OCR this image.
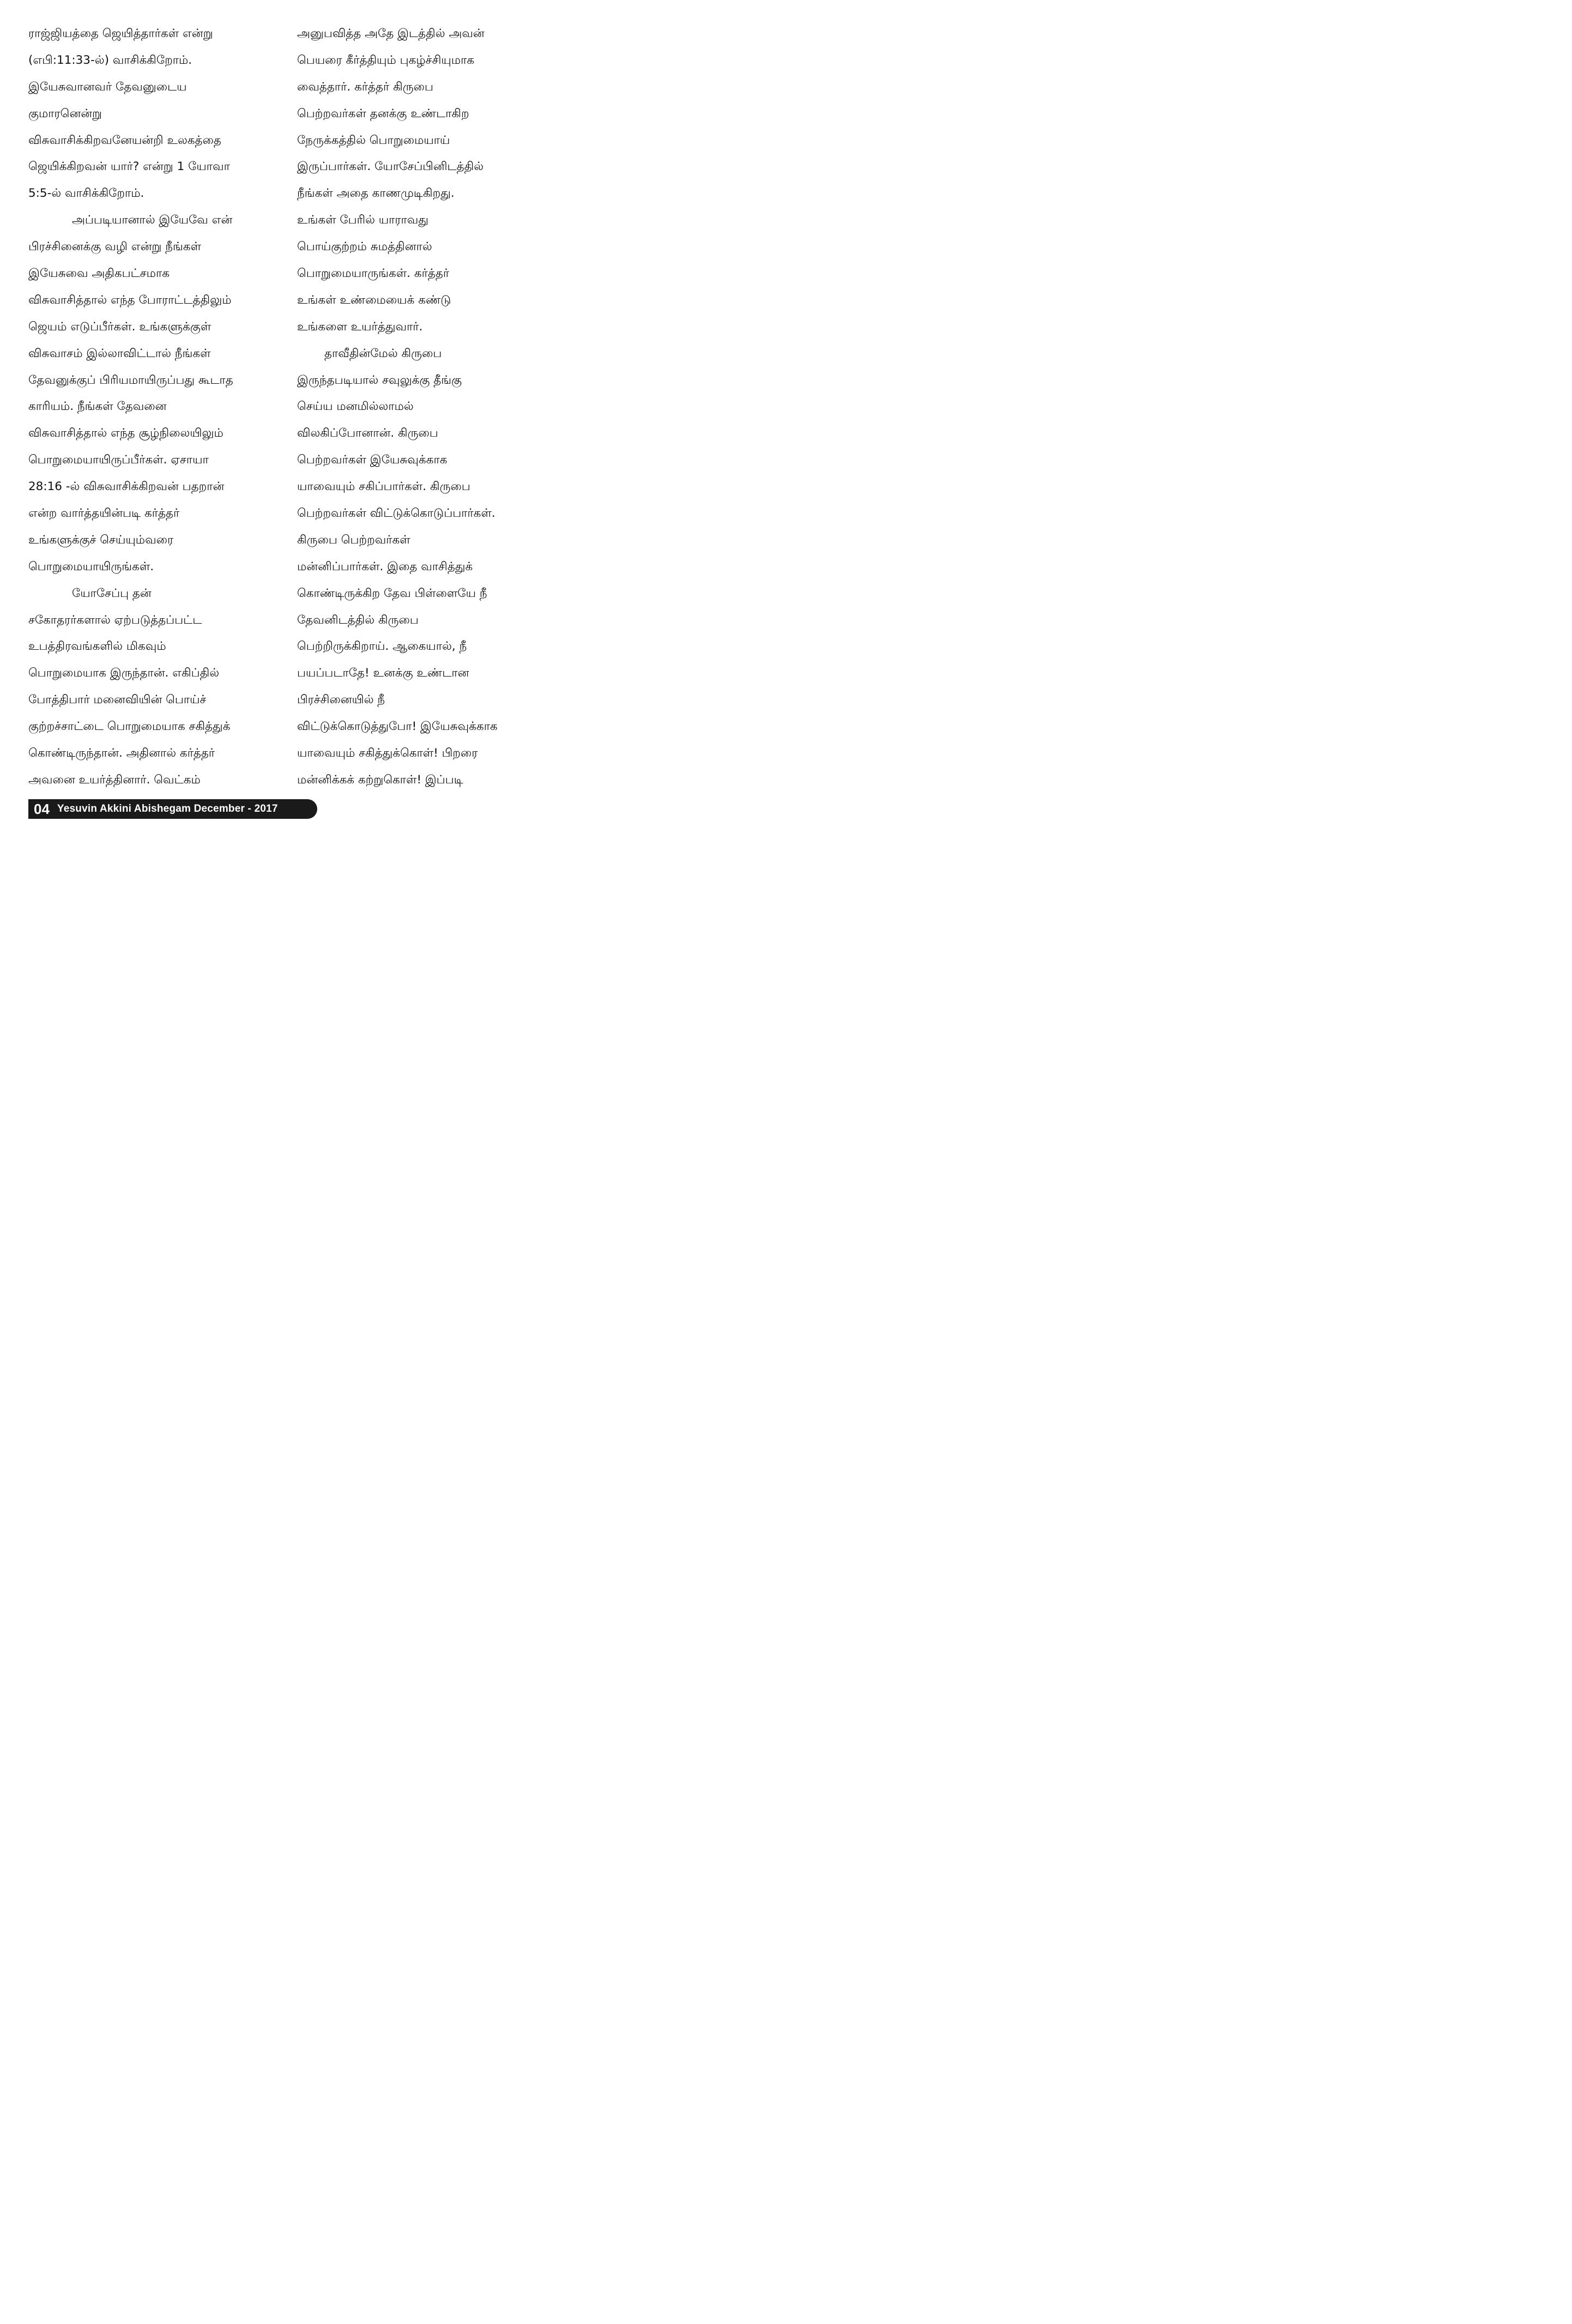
ராஜ்ஜியத்தை ஜெயித்தார்கள் என்று
(எபி:11:33-ல்) வாசிக்கிறோம்.
இயேசுவானவர் தேவனுடைய
குமாரனென்று
விசுவாசிக்கிறவனேயன்றி உலகத்தை
ஜெயிக்கிறவன் யார்? என்று 1 யோவா
5:5-ல் வாசிக்கிறோம்.
அப்படியானால் இயேவே என்
பிரச்சினைக்கு வழி என்று நீங்கள்
இயேசுவை அதிகபட்சமாக
விசுவாசித்தால் எந்த போராட்டத்திலும்
ஜெயம் எடுப்பீர்கள். உங்களுக்குள்
விசுவாசம் இல்லாவிட்டால் நீங்கள்
தேவனுக்குப் பிரியமாயிருப்பது கூடாத
காரியம். நீங்கள் தேவனை
விசுவாசித்தால் எந்த சூழ்நிலையிலும்
பொறுமையாயிருப்பீர்கள். ஏசாயா
28:16 -ல் விசுவாசிக்கிறவன் பதறான்
என்ற வார்த்தயின்படி கர்த்தர்
உங்களுக்குச் செய்யும்வரை
பொறுமையாயிருங்கள்.
யோசேப்பு தன்
சகோதரர்களால் ஏற்படுத்தப்பட்ட
உபத்திரவங்களில் மிகவும்
பொறுமையாக இருந்தான். எகிப்தில்
போத்திபார் மனைவியின் பொய்ச்
குற்றச்சாட்டை பொறுமையாக சகித்துக்
கொண்டிருந்தான். அதினால் கர்த்தர்
அவனை உயர்த்தினார். வெட்கம்
அனுபவித்த அதே இடத்தில் அவன்
பெயரை கீர்த்தியும் புகழ்ச்சியுமாக
வைத்தார். கர்த்தர் கிருபை
பெற்றவர்கள் தனக்கு உண்டாகிற
நேருக்கத்தில் பொறுமையாய்
இருப்பார்கள். யோசேப்பினிடத்தில்
நீங்கள் அதை காணமுடிகிறது.
உங்கள் பேரில் யாராவது
பொய்குற்றம் சுமத்தினால்
பொறுமையாருங்கள். கர்த்தர்
உங்கள் உண்மையைக் கண்டு
உங்களை உயர்த்துவார்.
தாவீதின்மேல் கிருபை
இருந்தபடியால் சவுலுக்கு தீங்கு
செய்ய மனமில்லாமல்
விலகிப்போனான். கிருபை
பெற்றவர்கள் இயேசுவுக்காக
யாவையும் சகிப்பார்கள். கிருபை
பெற்றவர்கள் விட்டுக்கொடுப்பார்கள்.
கிருபை பெற்றவர்கள்
மன்னிப்பார்கள். இதை வாசித்துக்
கொண்டிருக்கிற தேவ பிள்ளையே நீ
தேவனிடத்தில் கிருபை
பெற்றிருக்கிறாய். ஆகையால், நீ
பயப்படாதே! உனக்கு உண்டான
பிரச்சினையில் நீ
விட்டுக்கொடுத்துபோ! இயேசுவுக்காக
யாவையும் சகித்துக்கொள்! பிறரை
மன்னிக்கக் கற்றுகொள்! இப்படி
04 Yesuvin Akkini Abishegam December - 2017
